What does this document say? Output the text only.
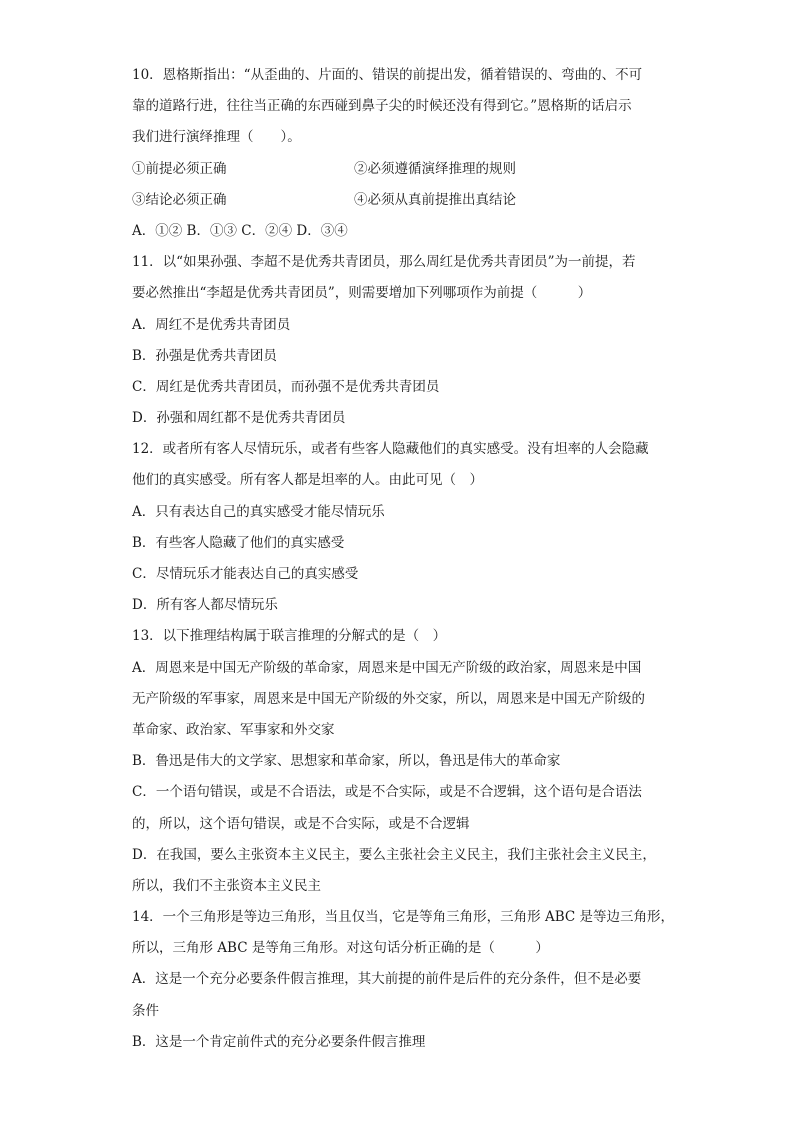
10．恩格斯指出：“从歪曲的、片面的、错误的前提出发，循着错误的、弯曲的、不可
靠的道路行进，往往当正确的东西碰到鼻子尖的时候还没有得到它。”恩格斯的话启示
我们进行演绎推理（　　）。
①前提必须正确	②必须遵循演绎推理的规则
③结论必须正确	④必须从真前提推出真结论
A．①② B．①③ C．②④ D．③④
11．以“如果孙强、李超不是优秀共青团员，那么周红是优秀共青团员”为一前提，若
要必然推出“李超是优秀共青团员”，则需要增加下列哪项作为前提（　　　）
A．周红不是优秀共青团员
B．孙强是优秀共青团员
C．周红是优秀共青团员，而孙强不是优秀共青团员
D．孙强和周红都不是优秀共青团员
12．或者所有客人尽情玩乐，或者有些客人隐藏他们的真实感受。没有坦率的人会隐藏
他们的真实感受。所有客人都是坦率的人。由此可见（　）
A．只有表达自己的真实感受才能尽情玩乐
B．有些客人隐藏了他们的真实感受
C．尽情玩乐才能表达自己的真实感受
D．所有客人都尽情玩乐
13．以下推理结构属于联言推理的分解式的是（　）
A．周恩来是中国无产阶级的革命家，周恩来是中国无产阶级的政治家，周恩来是中国
无产阶级的军事家，周恩来是中国无产阶级的外交家，所以，周恩来是中国无产阶级的
革命家、政治家、军事家和外交家
B．鲁迅是伟大的文学家、思想家和革命家，所以，鲁迅是伟大的革命家
C．一个语句错误，或是不合语法，或是不合实际，或是不合逻辑，这个语句是合语法
的，所以，这个语句错误，或是不合实际，或是不合逻辑
D．在我国，要么主张资本主义民主，要么主张社会主义民主，我们主张社会主义民主，
所以，我们不主张资本主义民主
14．一个三角形是等边三角形，当且仅当，它是等角三角形，三角形 ABC 是等边三角形，
所以，三角形 ABC 是等角三角形。对这句话分析正确的是（　　　）
A．这是一个充分必要条件假言推理，其大前提的前件是后件的充分条件，但不是必要
条件
B．这是一个肯定前件式的充分必要条件假言推理
